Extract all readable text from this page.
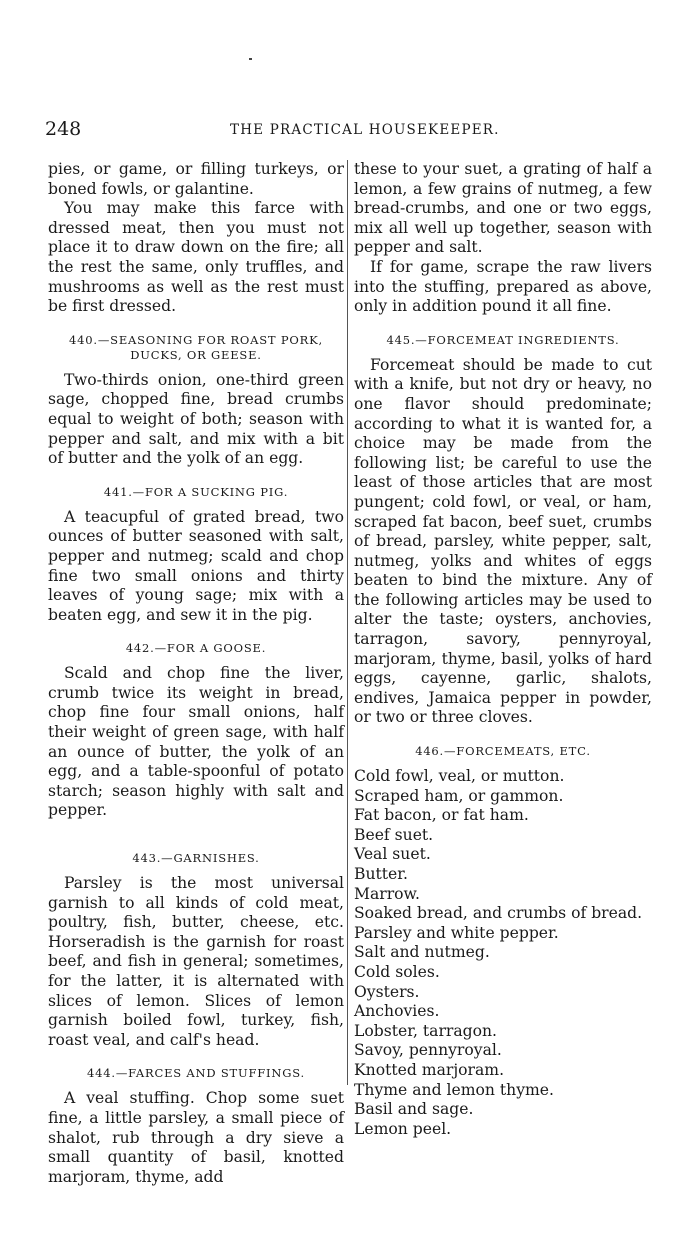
248	THE PRACTICAL HOUSEKEEPER.

pies, or game, or filling turkeys, or boned fowls, or galantine.

You may make this farce with dressed meat, then you must not place it to draw down on the fire; all the rest the same, only truffles, and mushrooms as well as the rest must be first dressed.

440.—SEASONING FOR ROAST PORK, DUCKS, OR GEESE.

Two-thirds onion, one-third green sage, chopped fine, bread crumbs equal to weight of both; season with pepper and salt, and mix with a bit of butter and the yolk of an egg.

441.—FOR A SUCKING PIG.

A teacupful of grated bread, two ounces of butter seasoned with salt, pepper and nutmeg; scald and chop fine two small onions and thirty leaves of young sage; mix with a beaten egg, and sew it in the pig.

442.—FOR A GOOSE.

Scald and chop fine the liver, crumb twice its weight in bread, chop fine four small onions, half their weight of green sage, with half an ounce of butter, the yolk of an egg, and a table-spoonful of potato starch; season highly with salt and pepper.

443.—GARNISHES.

Parsley is the most universal garnish to all kinds of cold meat, poultry, fish, butter, cheese, etc. Horseradish is the garnish for roast beef, and fish in general; sometimes, for the latter, it is alternated with slices of lemon. Slices of lemon garnish boiled fowl, turkey, fish, roast veal, and calf's head.

444.—FARCES AND STUFFINGS.

A veal stuffing. Chop some suet fine, a little parsley, a small piece of shalot, rub through a dry sieve a small quantity of basil, knotted marjoram, thyme, add

these to your suet, a grating of half a lemon, a few grains of nutmeg, a few bread-crumbs, and one or two eggs, mix all well up together, season with pepper and salt.

If for game, scrape the raw livers into the stuffing, prepared as above, only in addition pound it all fine.

445.—FORCEMEAT INGREDIENTS.

Forcemeat should be made to cut with a knife, but not dry or heavy, no one flavor should predominate; according to what it is wanted for, a choice may be made from the following list; be careful to use the least of those articles that are most pungent; cold fowl, or veal, or ham, scraped fat bacon, beef suet, crumbs of bread, parsley, white pepper, salt, nutmeg, yolks and whites of eggs beaten to bind the mixture. Any of the following articles may be used to alter the taste; oysters, anchovies, tarragon, savory, pennyroyal, marjoram, thyme, basil, yolks of hard eggs, cayenne, garlic, shalots, endives, Jamaica pepper in powder, or two or three cloves.

446.—FORCEMEATS, ETC.
Cold fowl, veal, or mutton.
Scraped ham, or gammon.
Fat bacon, or fat ham.
Beef suet.
Veal suet.
Butter.
Marrow.
Soaked bread, and crumbs of bread.
Parsley and white pepper.
Salt and nutmeg.
Cold soles.
Oysters.
Anchovies.
Lobster, tarragon.
Savoy, pennyroyal.
Knotted marjoram.
Thyme and lemon thyme.
Basil and sage.
Lemon peel.
